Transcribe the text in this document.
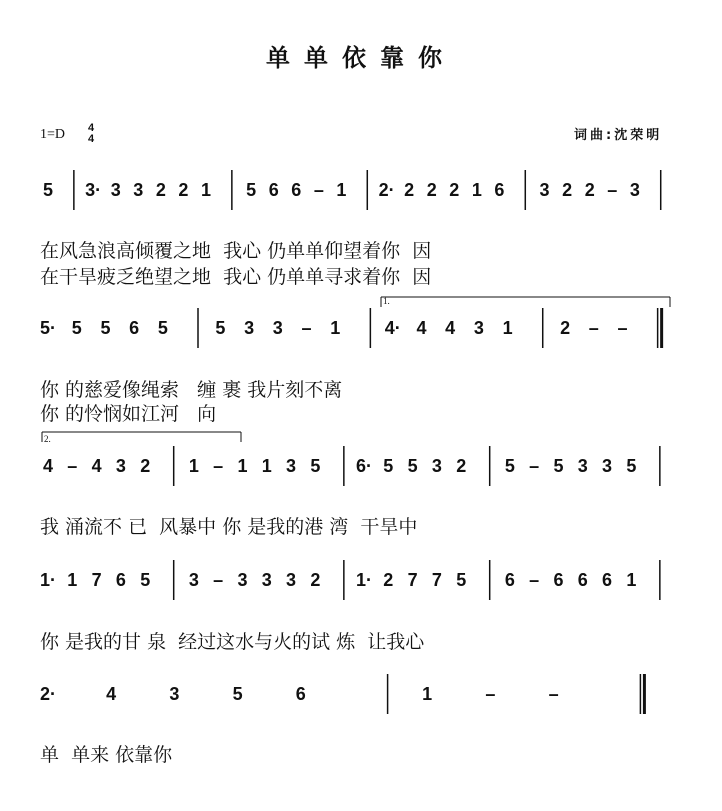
单单依靠你
1=D 4
4	词曲:沈荣明
5 3· 3 3 2 2 1 5 6 6 – 1 2· 2 2 2 1 6 3 2 2 – 3
5· 5 5 6 5	5 3 3 – 1 4· 4 4 3 1	2 – –
4 – 4 3 2 1 – 1 1 3 5 6· 5 5 3 2 5 – 5 3 3 5
1· 1 7 6 5 3 – 3 3 3 2 1· 2 7 7 5 6 – 6 6 6 1
2·	4	3	5	6	1	–	–
在风急浪高倾覆之地  我心 仍单单仰望着你  因
在干旱疲乏绝望之地  我心 仍单单寻求着你  因
你 的慈爱像绳索   缠 裹 我片刻不离
你 的怜悯如江河   向
我 涌流不 已  风暴中 你 是我的港 湾  干旱中
你 是我的甘 泉  经过这水与火的试 炼  让我心
单  单来 依靠你
1.
2.
